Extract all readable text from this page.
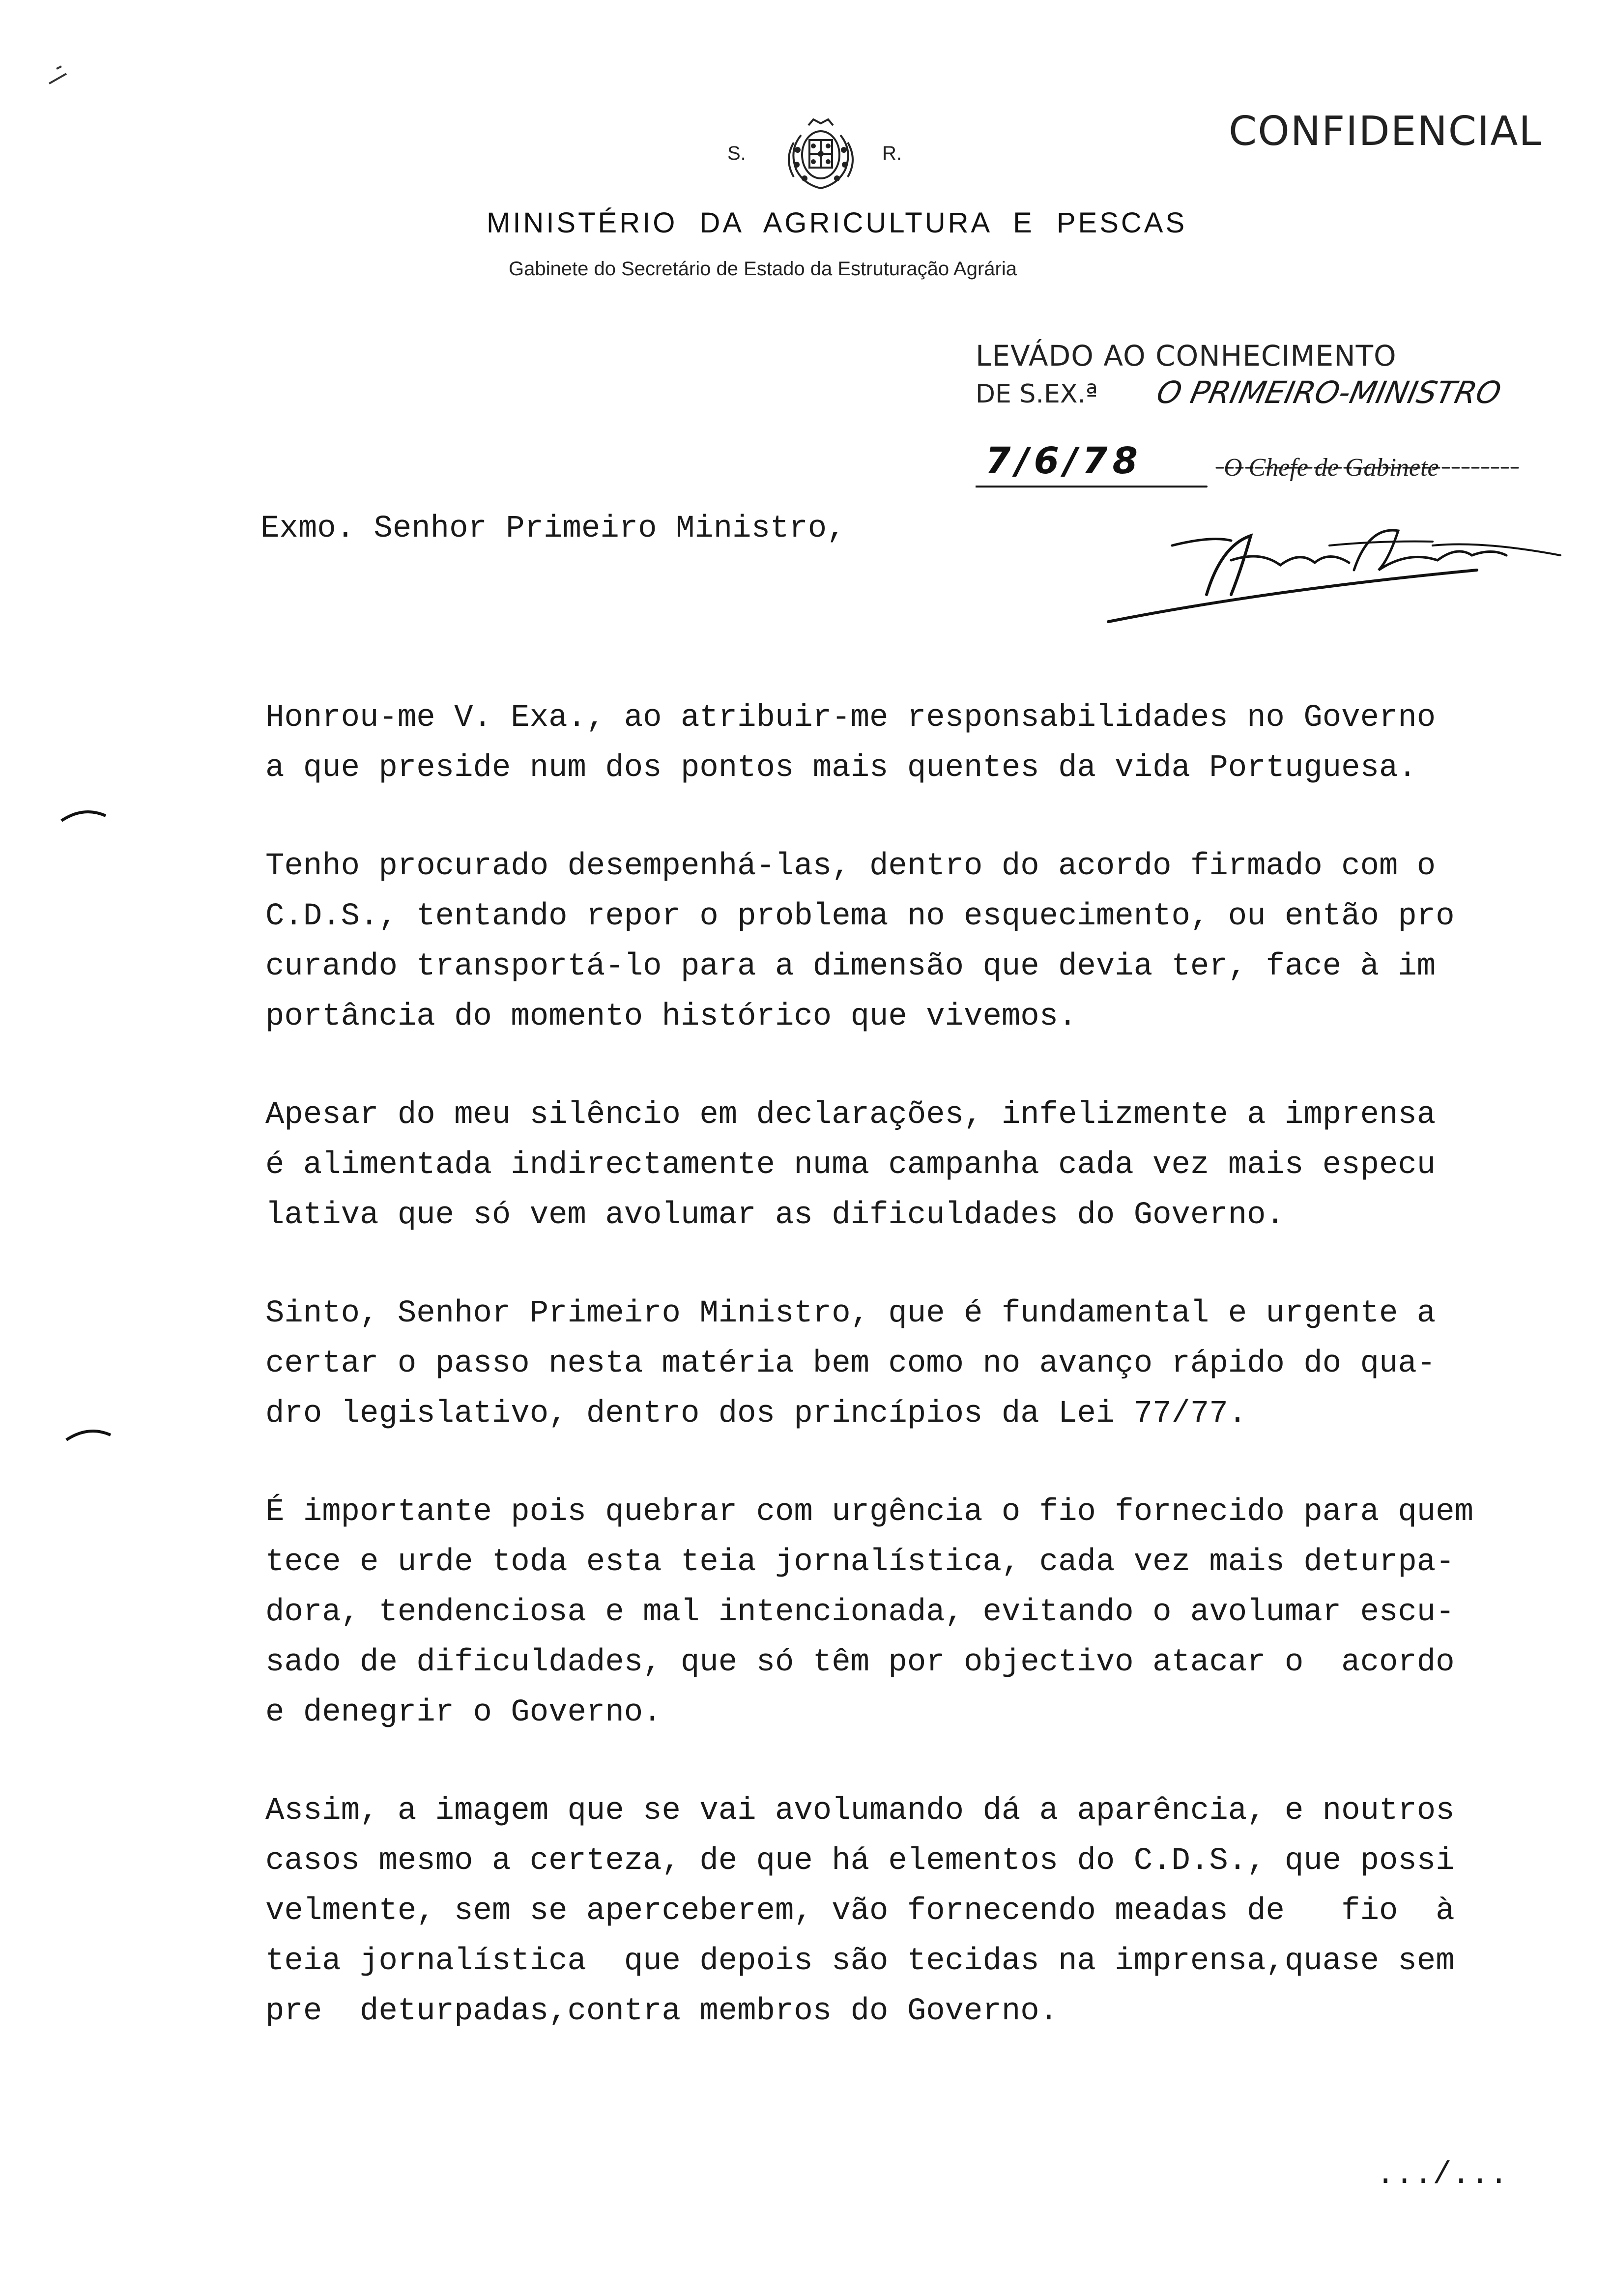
CONFIDENCIAL
S.	R.
MINISTÉRIO DA AGRICULTURA E PESCAS
Gabinete do Secretário de Estado da Estruturação Agrária
LEVÁDO AO CONHECIMENTO
DE S.EX.ª O PRIMEIRO-MINISTRO
7/6/78	O Chefe de Gabinete
Exmo. Senhor Primeiro Ministro,
Honrou-me V. Exa., ao atribuir-me responsabilidades no Governo
a que preside num dos pontos mais quentes da vida Portuguesa.
Tenho procurado desempenhá-las, dentro do acordo firmado com o
C.D.S., tentando repor o problema no esquecimento, ou então pro
curando transportá-lo para a dimensão que devia ter, face à im
portância do momento histórico que vivemos.
Apesar do meu silêncio em declarações, infelizmente a imprensa
é alimentada indirectamente numa campanha cada vez mais especu
lativa que só vem avolumar as dificuldades do Governo.
Sinto, Senhor Primeiro Ministro, que é fundamental e urgente a
certar o passo nesta matéria bem como no avanço rápido do qua-
dro legislativo, dentro dos princípios da Lei 77/77.
É importante pois quebrar com urgência o fio fornecido para quem
tece e urde toda esta teia jornalística, cada vez mais deturpa-
dora, tendenciosa e mal intencionada, evitando o avolumar escu-
sado de dificuldades, que só têm por objectivo atacar o  acordo
e denegrir o Governo.
Assim, a imagem que se vai avolumando dá a aparência, e noutros
casos mesmo a certeza, de que há elementos do C.D.S., que possi
velmente, sem se aperceberem, vão fornecendo meadas de   fio  à
teia jornalística  que depois são tecidas na imprensa,quase sem
pre  deturpadas,contra membros do Governo.
.../...
